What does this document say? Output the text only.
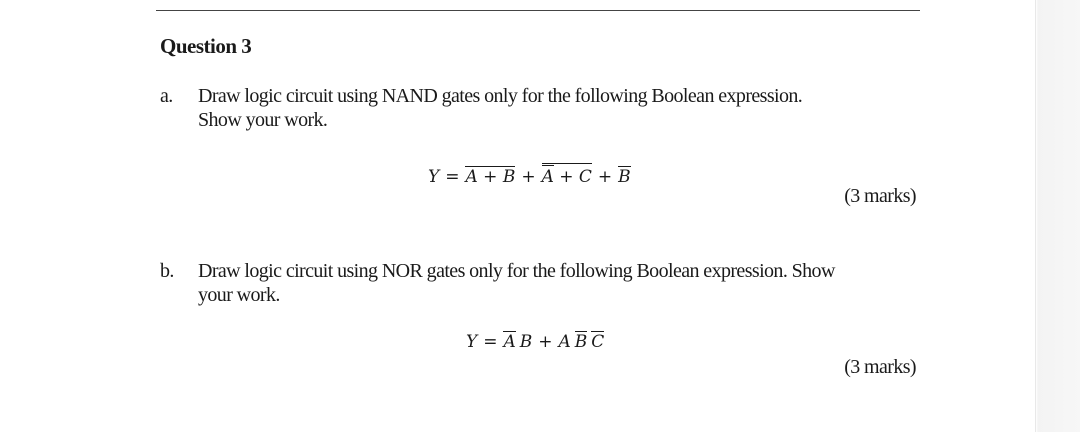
Question 3
a. Draw logic circuit using NAND gates only for the following Boolean expression.
Show your work.
Y = A + B + A + C + B
(3 marks)
b. Draw logic circuit using NOR gates only for the following Boolean expression. Show
your work.
Y = A B + A B C
(3 marks)
